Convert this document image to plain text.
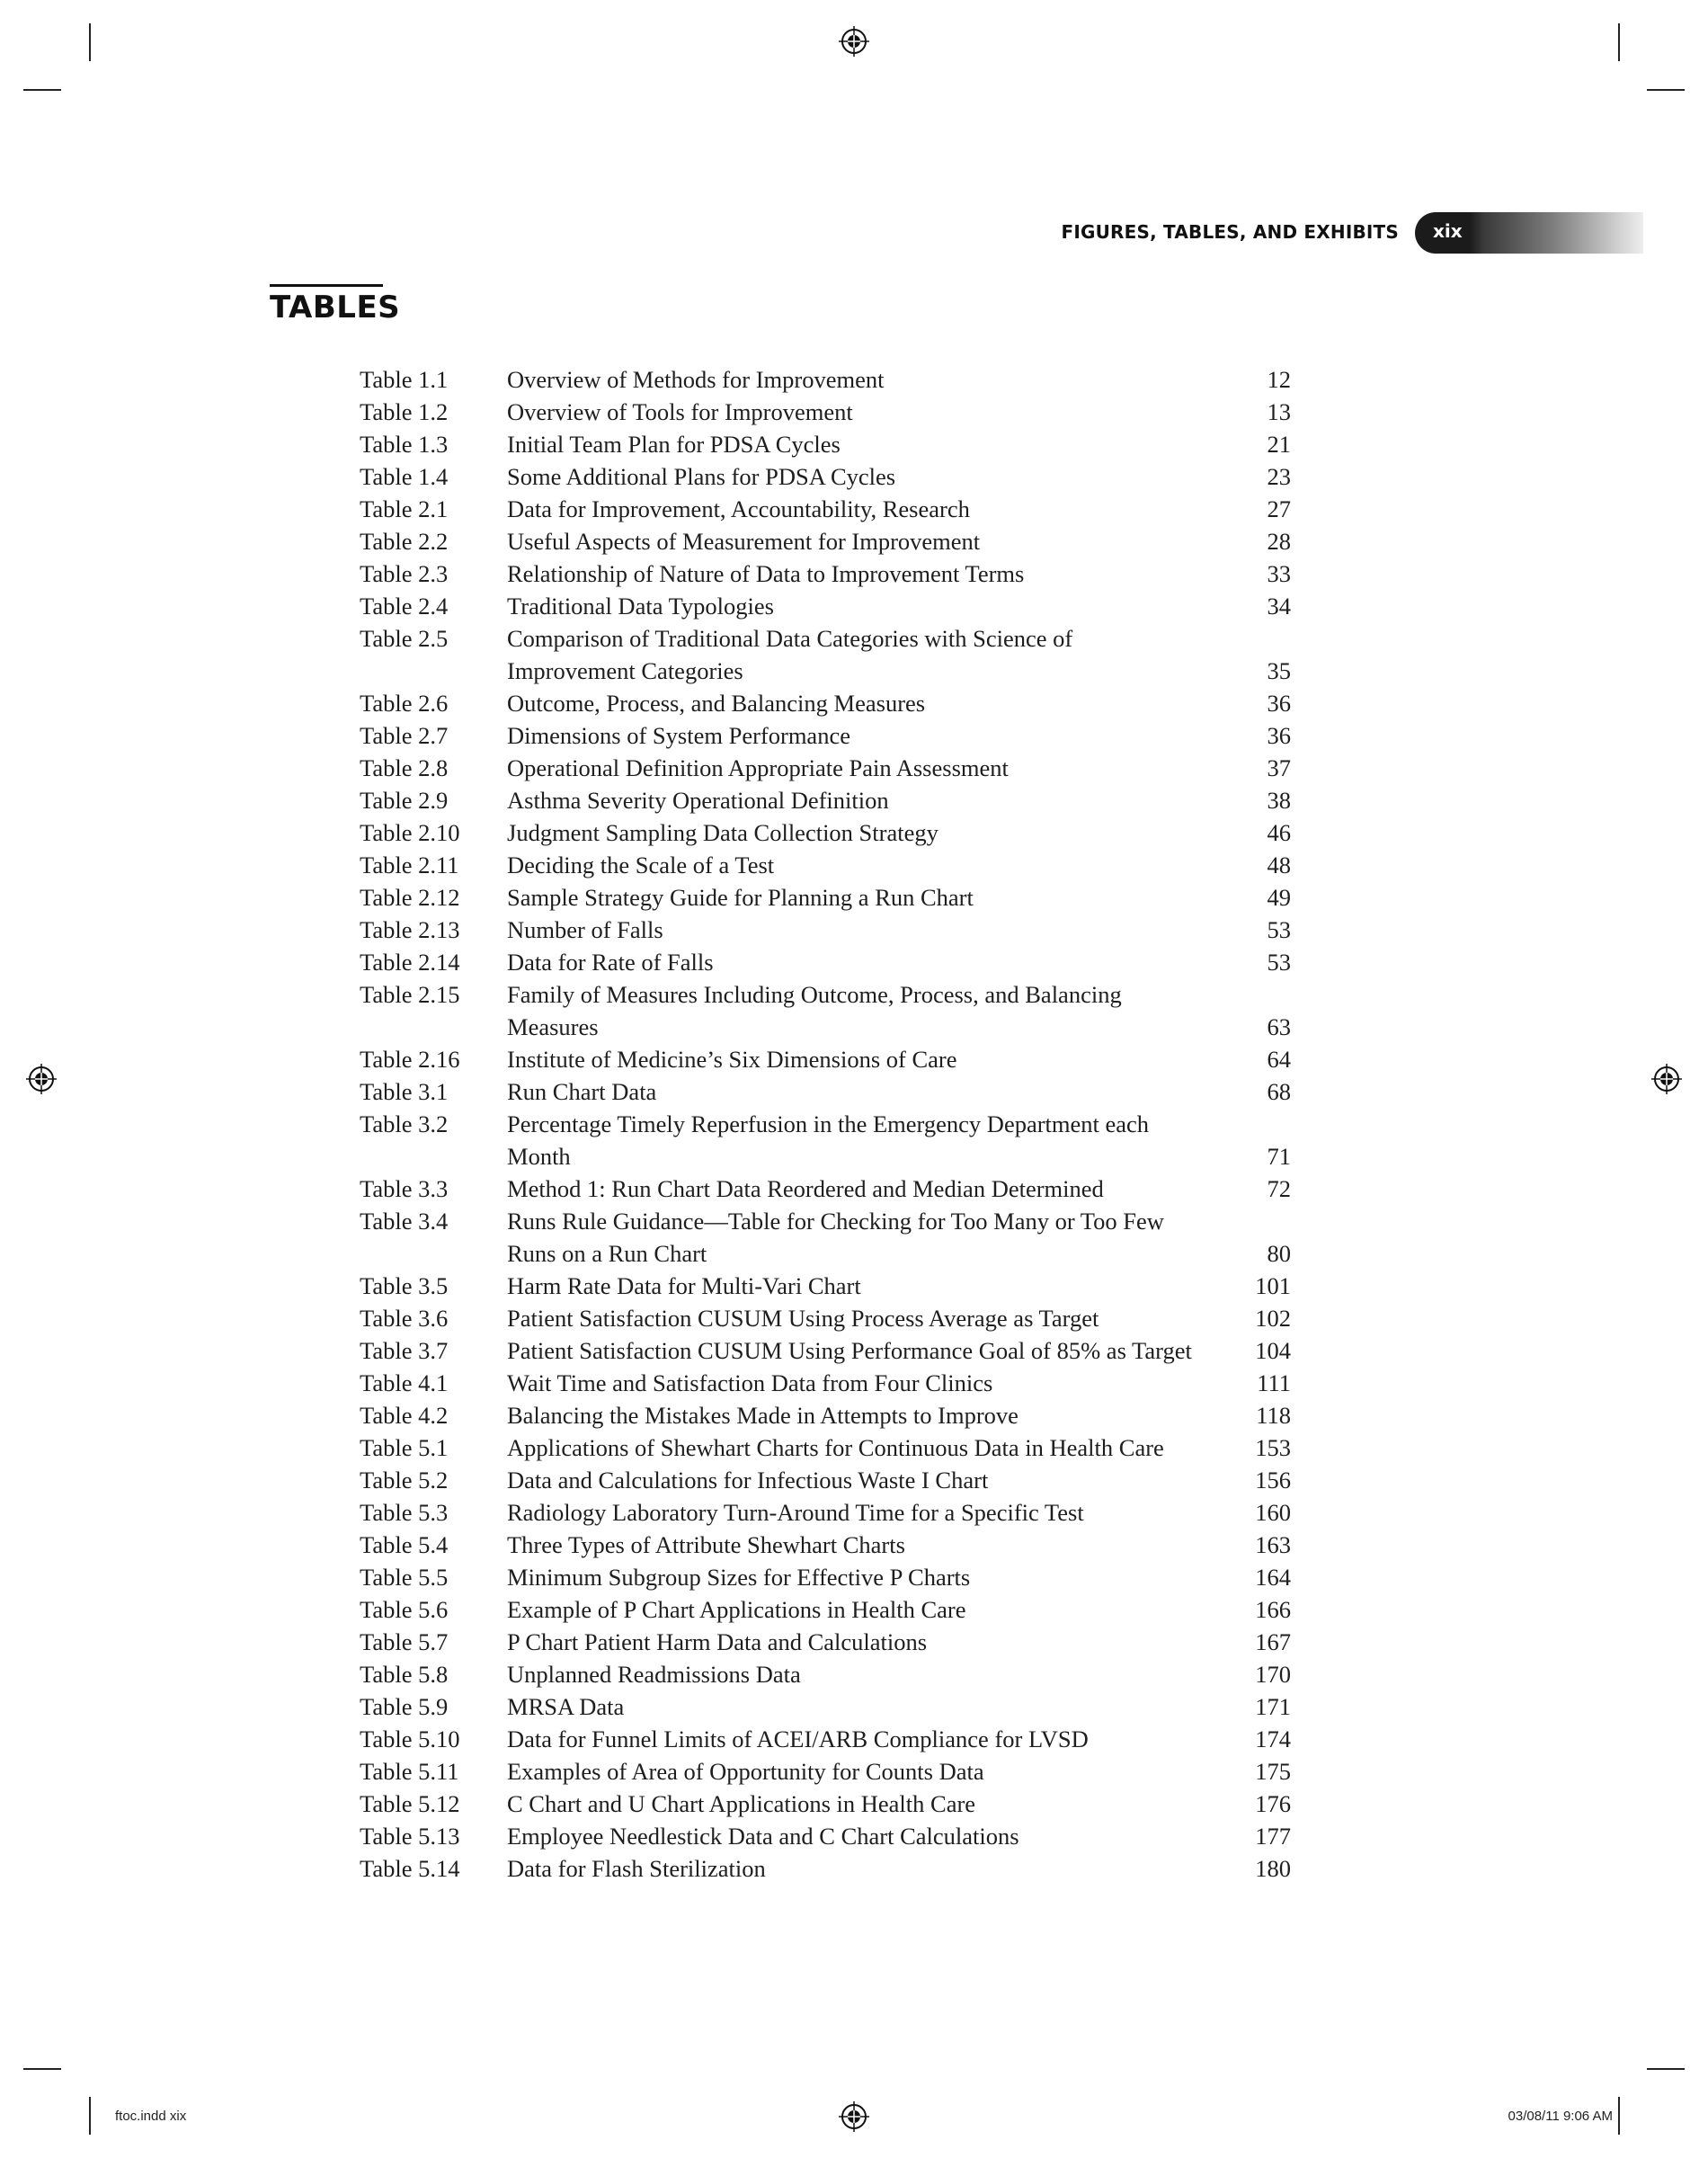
FIGURES, TABLES, AND EXHIBITS xix
TABLES
Table 1.1	Overview of Methods for Improvement	12
Table 1.2	Overview of Tools for Improvement	13
Table 1.3	Initial Team Plan for PDSA Cycles	21
Table 1.4	Some Additional Plans for PDSA Cycles	23
Table 2.1	Data for Improvement, Accountability, Research	27
Table 2.2	Useful Aspects of Measurement for Improvement	28
Table 2.3	Relationship of Nature of Data to Improvement Terms	33
Table 2.4	Traditional Data Typologies	34
Table 2.5	Comparison of Traditional Data Categories with Science of Improvement Categories	35
Table 2.6	Outcome, Process, and Balancing Measures	36
Table 2.7	Dimensions of System Performance	36
Table 2.8	Operational Definition Appropriate Pain Assessment	37
Table 2.9	Asthma Severity Operational Definition	38
Table 2.10	Judgment Sampling Data Collection Strategy	46
Table 2.11	Deciding the Scale of a Test	48
Table 2.12	Sample Strategy Guide for Planning a Run Chart	49
Table 2.13	Number of Falls	53
Table 2.14	Data for Rate of Falls	53
Table 2.15	Family of Measures Including Outcome, Process, and Balancing Measures	63
Table 2.16	Institute of Medicine’s Six Dimensions of Care	64
Table 3.1	Run Chart Data	68
Table 3.2	Percentage Timely Reperfusion in the Emergency Department each Month	71
Table 3.3	Method 1: Run Chart Data Reordered and Median Determined	72
Table 3.4	Runs Rule Guidance—Table for Checking for Too Many or Too Few Runs on a Run Chart	80
Table 3.5	Harm Rate Data for Multi-Vari Chart	101
Table 3.6	Patient Satisfaction CUSUM Using Process Average as Target	102
Table 3.7	Patient Satisfaction CUSUM Using Performance Goal of 85% as Target	104
Table 4.1	Wait Time and Satisfaction Data from Four Clinics	111
Table 4.2	Balancing the Mistakes Made in Attempts to Improve	118
Table 5.1	Applications of Shewhart Charts for Continuous Data in Health Care	153
Table 5.2	Data and Calculations for Infectious Waste I Chart	156
Table 5.3	Radiology Laboratory Turn-Around Time for a Specific Test	160
Table 5.4	Three Types of Attribute Shewhart Charts	163
Table 5.5	Minimum Subgroup Sizes for Effective P Charts	164
Table 5.6	Example of P Chart Applications in Health Care	166
Table 5.7	P Chart Patient Harm Data and Calculations	167
Table 5.8	Unplanned Readmissions Data	170
Table 5.9	MRSA Data	171
Table 5.10	Data for Funnel Limits of ACEI/ARB Compliance for LVSD	174
Table 5.11	Examples of Area of Opportunity for Counts Data	175
Table 5.12	C Chart and U Chart Applications in Health Care	176
Table 5.13	Employee Needlestick Data and C Chart Calculations	177
Table 5.14	Data for Flash Sterilization	180
ftoc.indd xix	03/08/11 9:06 AM
